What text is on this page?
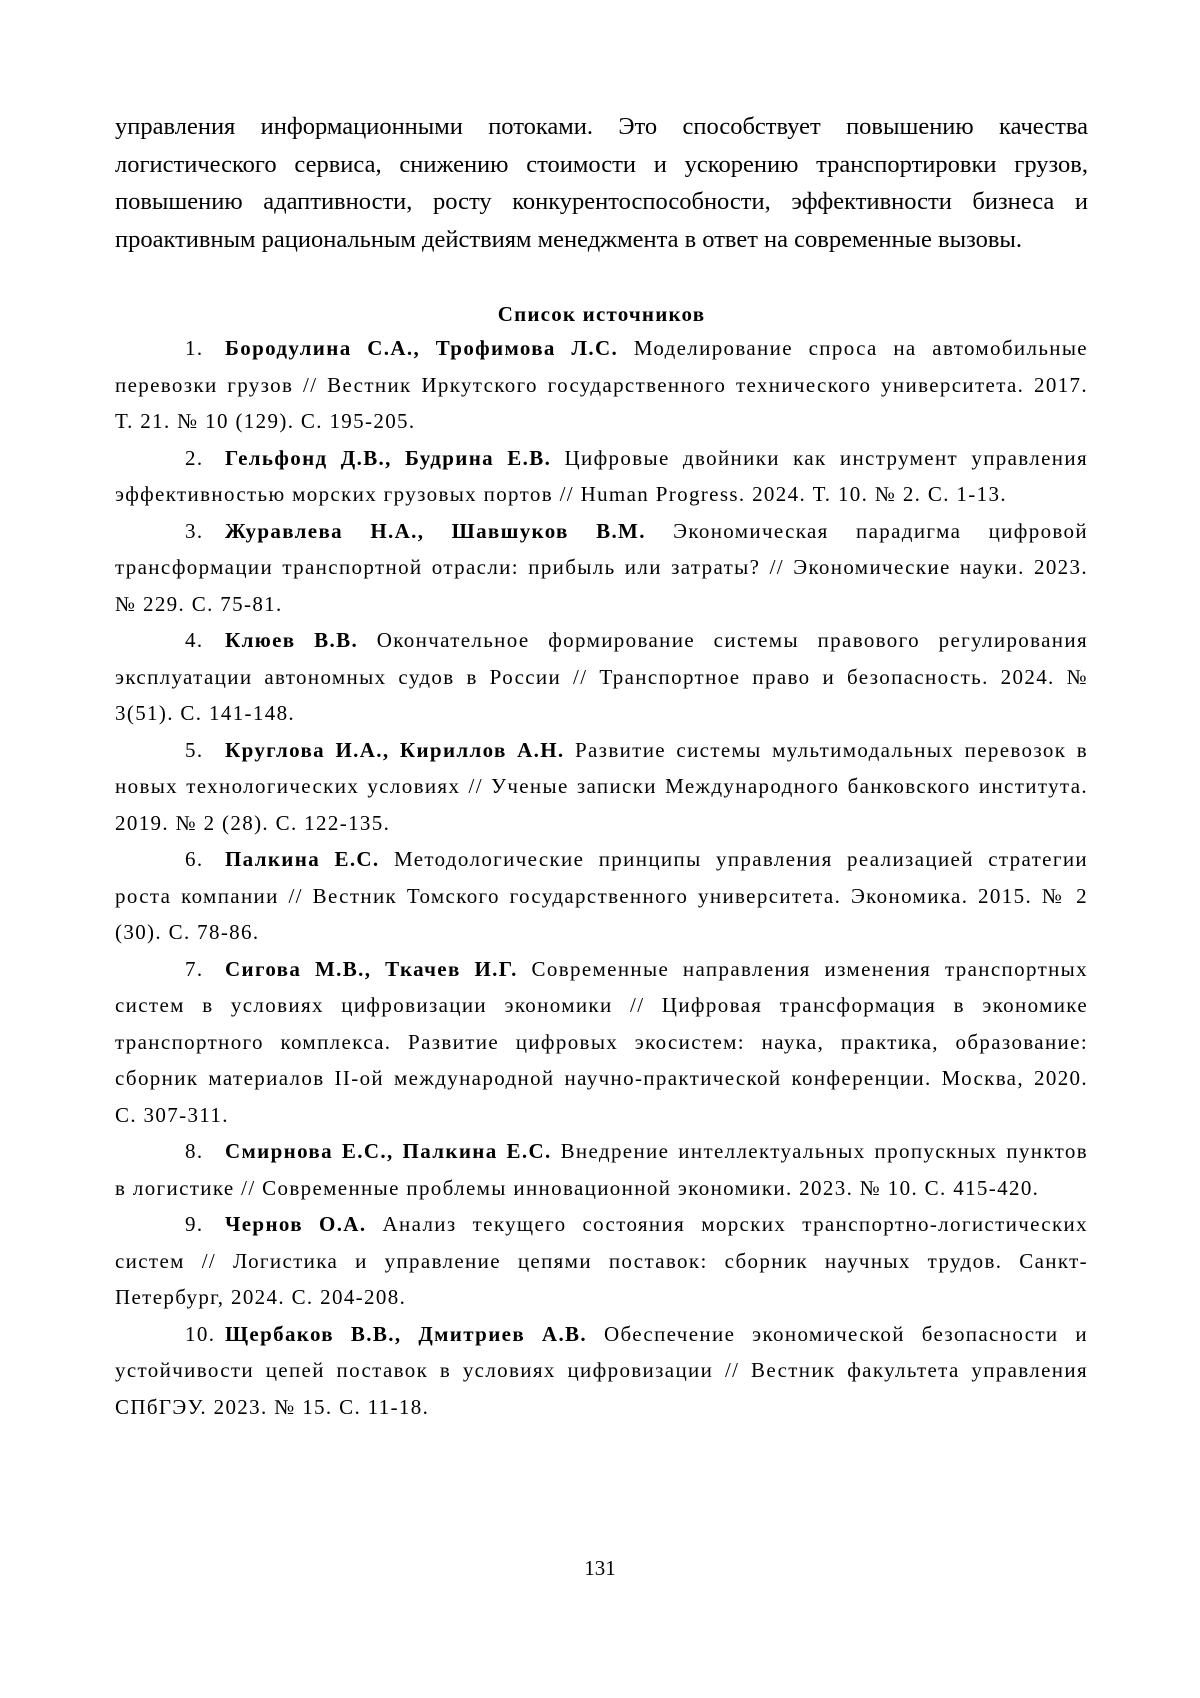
управления информационными потоками. Это способствует повышению качества логистического сервиса, снижению стоимости и ускорению транспортировки грузов, повышению адаптивности, росту конкурентоспособности, эффективности бизнеса и проактивным рациональным действиям менеджмента в ответ на современные вызовы.

Список источников
1. Бородулина С.А., Трофимова Л.С. Моделирование спроса на автомобильные перевозки грузов // Вестник Иркутского государственного технического университета. 2017. Т. 21. № 10 (129). С. 195-205.
2. Гельфонд Д.В., Будрина Е.В. Цифровые двойники как инструмент управления эффективностью морских грузовых портов // Human Progress. 2024. Т. 10. № 2. С. 1-13.
3. Журавлева Н.А., Шавшуков В.М. Экономическая парадигма цифровой трансформации транспортной отрасли: прибыль или затраты? // Экономические науки. 2023. № 229. С. 75-81.
4. Клюев В.В. Окончательное формирование системы правового регулирования эксплуатации автономных судов в России // Транспортное право и безопасность. 2024. № 3(51). С. 141-148.
5. Круглова И.А., Кириллов А.Н. Развитие системы мультимодальных перевозок в новых технологических условиях // Ученые записки Международного банковского института. 2019. № 2 (28). С. 122-135.
6. Палкина Е.С. Методологические принципы управления реализацией стратегии роста компании // Вестник Томского государственного университета. Экономика. 2015. № 2 (30). С. 78-86.
7. Сигова М.В., Ткачев И.Г. Современные направления изменения транспортных систем в условиях цифровизации экономики // Цифровая трансформация в экономике транспортного комплекса. Развитие цифровых экосистем: наука, практика, образование: сборник материалов II-ой международной научно-практической конференции. Москва, 2020. С. 307-311.
8. Смирнова Е.С., Палкина Е.С. Внедрение интеллектуальных пропускных пунктов в логистике // Современные проблемы инновационной экономики. 2023. № 10. С. 415-420.
9. Чернов О.А. Анализ текущего состояния морских транспортно-логистических систем // Логистика и управление цепями поставок: сборник научных трудов. Санкт-Петербург, 2024. С. 204-208.
10. Щербаков В.В., Дмитриев А.В. Обеспечение экономической безопасности и устойчивости цепей поставок в условиях цифровизации // Вестник факультета управления СПбГЭУ. 2023. № 15. С. 11-18.
131
